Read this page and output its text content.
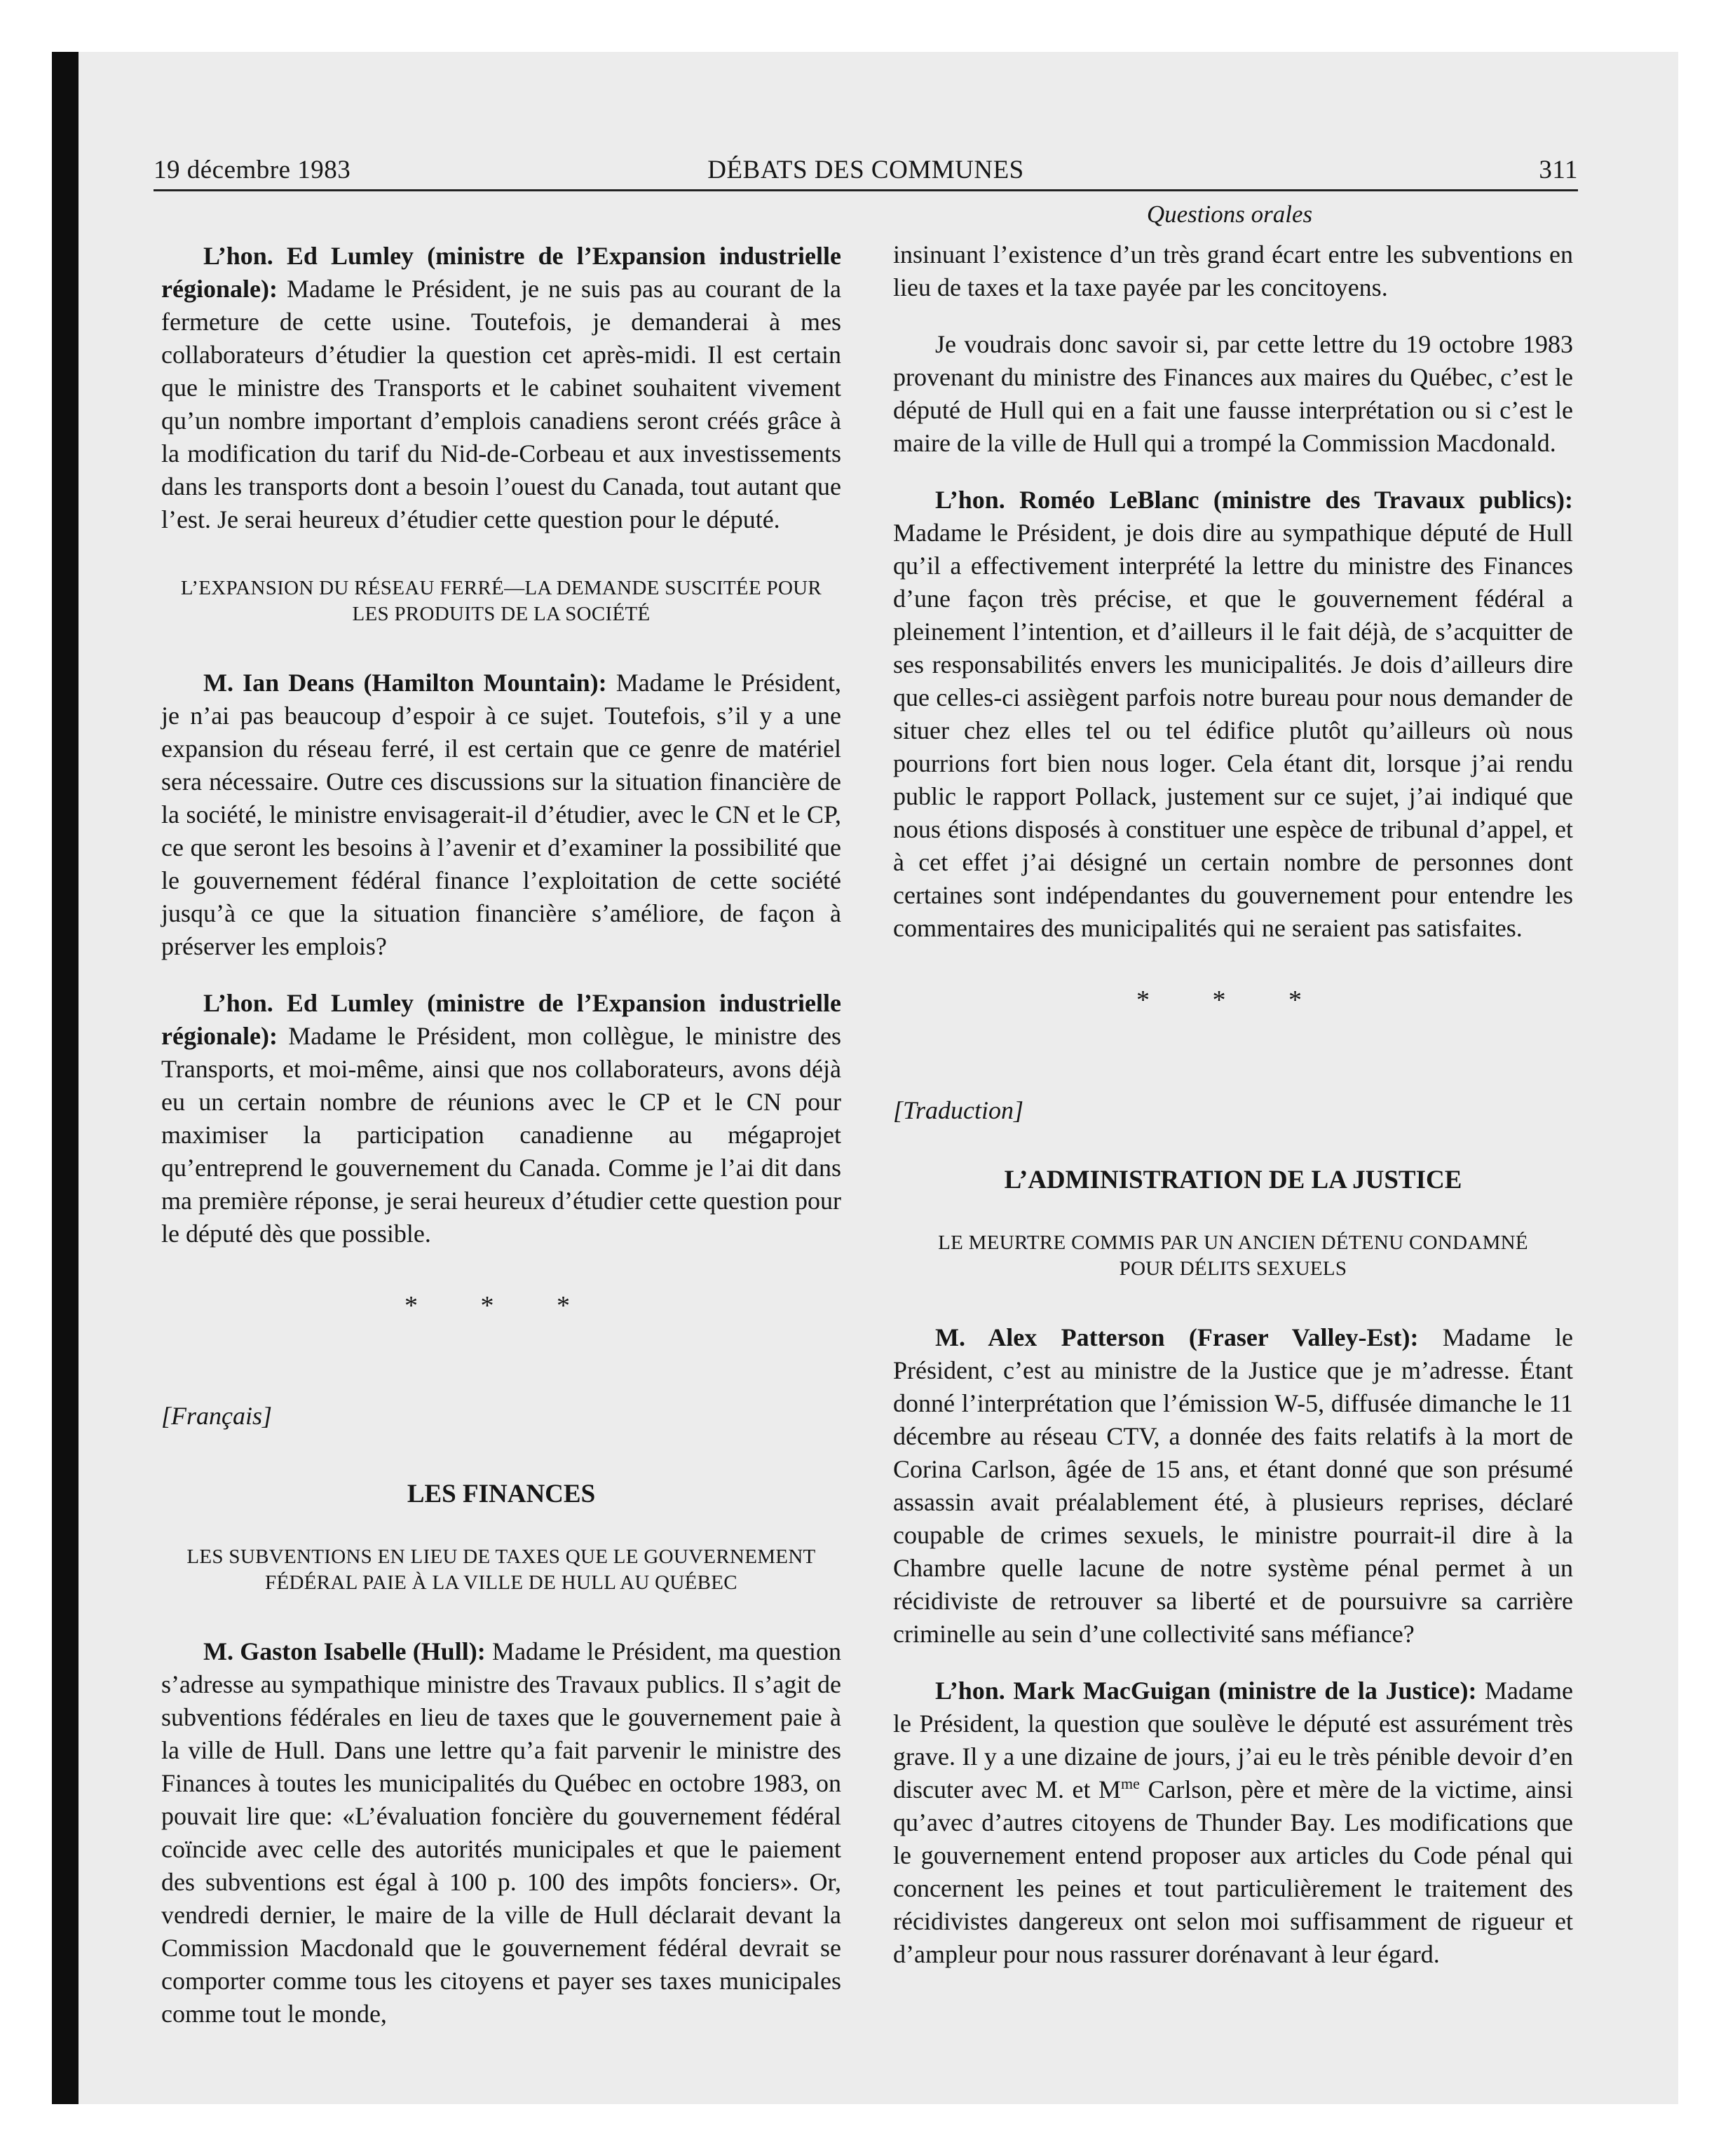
19 décembre 1983	DÉBATS DES COMMUNES	311
Questions orales

L’hon. Ed Lumley (ministre de l’Expansion industrielle régionale): Madame le Président, je ne suis pas au courant de la fermeture de cette usine. Toutefois, je demanderai à mes collaborateurs d’étudier la question cet après-midi. Il est certain que le ministre des Transports et le cabinet souhaitent vivement qu’un nombre important d’emplois canadiens seront créés grâce à la modification du tarif du Nid-de-Corbeau et aux investissements dans les transports dont a besoin l’ouest du Canada, tout autant que l’est. Je serai heureux d’étudier cette question pour le député.

L’EXPANSION DU RÉSEAU FERRÉ—LA DEMANDE SUSCITÉE POUR
LES PRODUITS DE LA SOCIÉTÉ

M. Ian Deans (Hamilton Mountain): Madame le Président, je n’ai pas beaucoup d’espoir à ce sujet. Toutefois, s’il y a une expansion du réseau ferré, il est certain que ce genre de matériel sera nécessaire. Outre ces discussions sur la situation financière de la société, le ministre envisagerait-il d’étudier, avec le CN et le CP, ce que seront les besoins à l’avenir et d’examiner la possibilité que le gouvernement fédéral finance l’exploitation de cette société jusqu’à ce que la situation financière s’améliore, de façon à préserver les emplois?

L’hon. Ed Lumley (ministre de l’Expansion industrielle régionale): Madame le Président, mon collègue, le ministre des Transports, et moi-même, ainsi que nos collaborateurs, avons déjà eu un certain nombre de réunions avec le CP et le CN pour maximiser la participation canadienne au mégaprojet qu’entreprend le gouvernement du Canada. Comme je l’ai dit dans ma première réponse, je serai heureux d’étudier cette question pour le député dès que possible.

* * *
[Français]
LES FINANCES
LES SUBVENTIONS EN LIEU DE TAXES QUE LE GOUVERNEMENT
FÉDÉRAL PAIE À LA VILLE DE HULL AU QUÉBEC

M. Gaston Isabelle (Hull): Madame le Président, ma question s’adresse au sympathique ministre des Travaux publics. Il s’agit de subventions fédérales en lieu de taxes que le gouvernement paie à la ville de Hull. Dans une lettre qu’a fait parvenir le ministre des Finances à toutes les municipalités du Québec en octobre 1983, on pouvait lire que: «L’évaluation foncière du gouvernement fédéral coïncide avec celle des autorités municipales et que le paiement des subventions est égal à 100 p. 100 des impôts fonciers». Or, vendredi dernier, le maire de la ville de Hull déclarait devant la Commission Macdonald que le gouvernement fédéral devrait se comporter comme tous les citoyens et payer ses taxes municipales comme tout le monde,

insinuant l’existence d’un très grand écart entre les subventions en lieu de taxes et la taxe payée par les concitoyens.

Je voudrais donc savoir si, par cette lettre du 19 octobre 1983 provenant du ministre des Finances aux maires du Québec, c’est le député de Hull qui en a fait une fausse interprétation ou si c’est le maire de la ville de Hull qui a trompé la Commission Macdonald.

L’hon. Roméo LeBlanc (ministre des Travaux publics): Madame le Président, je dois dire au sympathique député de Hull qu’il a effectivement interprété la lettre du ministre des Finances d’une façon très précise, et que le gouvernement fédéral a pleinement l’intention, et d’ailleurs il le fait déjà, de s’acquitter de ses responsabilités envers les municipalités. Je dois d’ailleurs dire que celles-ci assiègent parfois notre bureau pour nous demander de situer chez elles tel ou tel édifice plutôt qu’ailleurs où nous pourrions fort bien nous loger. Cela étant dit, lorsque j’ai rendu public le rapport Pollack, justement sur ce sujet, j’ai indiqué que nous étions disposés à constituer une espèce de tribunal d’appel, et à cet effet j’ai désigné un certain nombre de personnes dont certaines sont indépendantes du gouvernement pour entendre les commentaires des municipalités qui ne seraient pas satisfaites.

* * *
[Traduction]
L’ADMINISTRATION DE LA JUSTICE
LE MEURTRE COMMIS PAR UN ANCIEN DÉTENU CONDAMNÉ
POUR DÉLITS SEXUELS

M. Alex Patterson (Fraser Valley-Est): Madame le Président, c’est au ministre de la Justice que je m’adresse. Étant donné l’interprétation que l’émission W-5, diffusée dimanche le 11 décembre au réseau CTV, a donnée des faits relatifs à la mort de Corina Carlson, âgée de 15 ans, et étant donné que son présumé assassin avait préalablement été, à plusieurs reprises, déclaré coupable de crimes sexuels, le ministre pourrait-il dire à la Chambre quelle lacune de notre système pénal permet à un récidiviste de retrouver sa liberté et de poursuivre sa carrière criminelle au sein d’une collectivité sans méfiance?

L’hon. Mark MacGuigan (ministre de la Justice): Madame le Président, la question que soulève le député est assurément très grave. Il y a une dizaine de jours, j’ai eu le très pénible devoir d’en discuter avec M. et $M^{me}$ Carlson, père et mère de la victime, ainsi qu’avec d’autres citoyens de Thunder Bay. Les modifications que le gouvernement entend proposer aux articles du Code pénal qui concernent les peines et tout particulièrement le traitement des récidivistes dangereux ont selon moi suffisamment de rigueur et d’ampleur pour nous rassurer dorénavant à leur égard.
